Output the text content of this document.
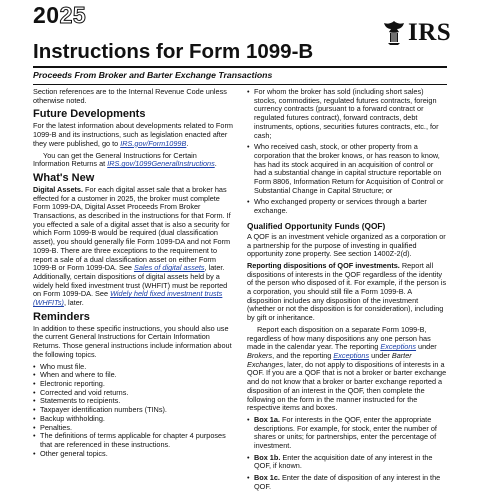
2025
IRS
Instructions for Form 1099-B
Proceeds From Broker and Barter Exchange Transactions

Section references are to the Internal Revenue Code unless otherwise noted.

Future Developments

For the latest information about developments related to Form 1099-B and its instructions, such as legislation enacted after they were published, go to IRS.gov/Form1099B.

You can get the General Instructions for Certain Information Returns at IRS.gov/1099GeneralInstructions.

What's New

Digital Assets. For each digital asset sale that a broker has effected for a customer in 2025, the broker must complete Form 1099-DA, Digital Asset Proceeds From Broker Transactions, as described in the instructions for that Form. If you effected a sale of a digital asset that is also a security for which Form 1099-B would be required (dual classification asset), you should generally file Form 1099-DA and not Form 1099-B. There are three exceptions to the requirement to report a sale of a dual classification asset on either Form 1099-B or Form 1099-DA. See Sales of digital assets, later. Additionally, certain dispositions of digital assets held by a widely held fixed investment trust (WHFIT) must be reported on Form 1099-DA. See Widely held fixed investment trusts (WHFITs), later.

Reminders

In addition to these specific instructions, you should also use the current General Instructions for Certain Information Returns. Those general instructions include information about the following topics.

• Who must file.
• When and where to file.
• Electronic reporting.
• Corrected and void returns.
• Statements to recipients.
• Taxpayer identification numbers (TINs).
• Backup withholding.
• Penalties.
• The definitions of terms applicable for chapter 4 purposes that are referenced in these instructions.
• Other general topics.

• For whom the broker has sold (including short sales) stocks, commodities, regulated futures contracts, foreign currency contracts (pursuant to a forward contract or regulated futures contract), forward contracts, debt instruments, options, securities futures contracts, etc., for cash;

• Who received cash, stock, or other property from a corporation that the broker knows, or has reason to know, has had its stock acquired in an acquisition of control or had a substantial change in capital structure reportable on Form 8806, Information Return for Acquisition of Control or Substantial Change in Capital Structure; or

• Who exchanged property or services through a barter exchange.

Qualified Opportunity Funds (QOF)

A QOF is an investment vehicle organized as a corporation or a partnership for the purpose of investing in qualified opportunity zone property. See section 1400Z-2(d).

Reporting dispositions of QOF investments. Report all dispositions of interests in the QOF regardless of the identity of the person who disposed of it. For example, if the person is a corporation, you should still file a Form 1099-B. A disposition includes any disposition of the investment (whether or not the disposition is for consideration), including by gift or inheritance.

Report each disposition on a separate Form 1099-B, regardless of how many dispositions any one person has made in the calendar year. The reporting Exceptions under Brokers, and the reporting Exceptions under Barter Exchanges, later, do not apply to dispositions of interests in a QOF. If you are a QOF that is not a broker or barter exchange and do not know that a broker or barter exchange reported a disposition of an interest in the QOF, then complete the following on the form in the manner instructed for the respective items and boxes.

• Box 1a. For interests in the QOF, enter the appropriate descriptions. For example, for stock, enter the number of shares or units; for partnerships, enter the percentage of investment.

• Box 1b. Enter the acquisition date of any interest in the QOF, if known.

• Box 1c. Enter the date of disposition of any interest in the QOF.
